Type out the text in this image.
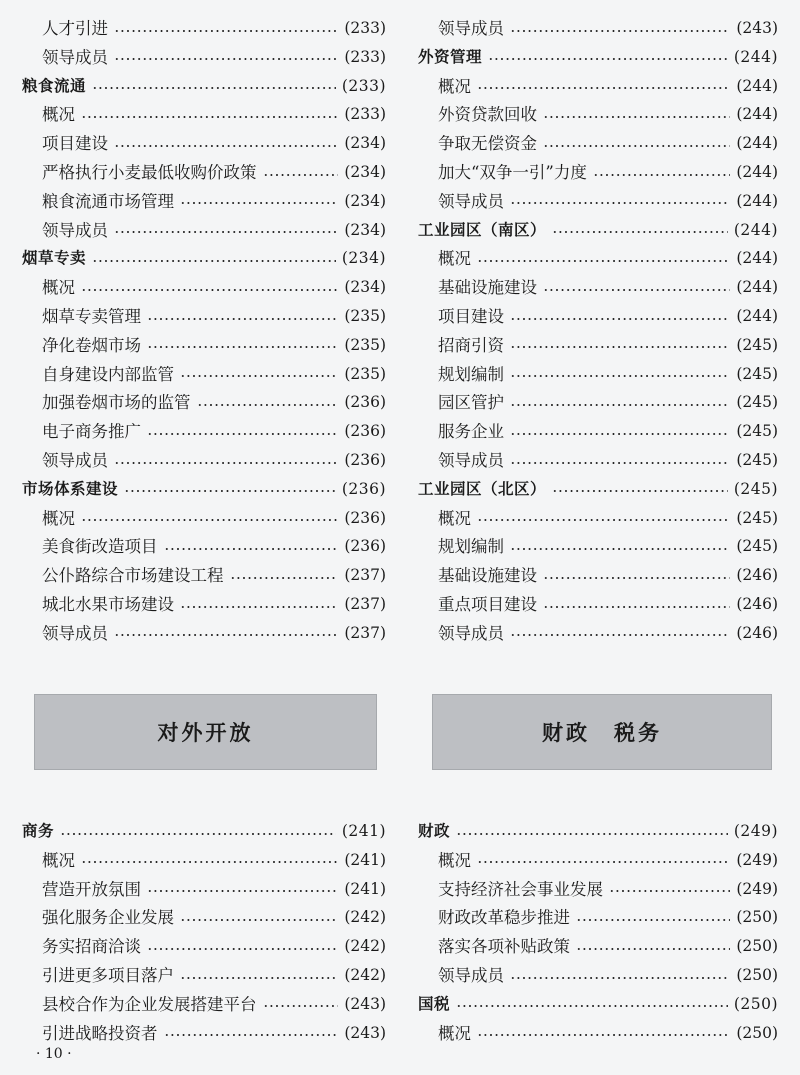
人才引进	(233)
领导成员	(233)
粮食流通	(233)
概况	(233)
项目建设	(234)
严格执行小麦最低收购价政策	(234)
粮食流通市场管理	(234)
领导成员	(234)
烟草专卖	(234)
概况	(234)
烟草专卖管理	(235)
净化卷烟市场	(235)
自身建设内部监管	(235)
加强卷烟市场的监管	(236)
电子商务推广	(236)
领导成员	(236)
市场体系建设	(236)
概况	(236)
美食街改造项目	(236)
公仆路综合市场建设工程	(237)
城北水果市场建设	(237)
领导成员	(237)
商务	(241)
概况	(241)
营造开放氛围	(241)
强化服务企业发展	(242)
务实招商洽谈	(242)
引进更多项目落户	(242)
县校合作为企业发展搭建平台	(243)
引进战略投资者	(243)
领导成员	(243)
外资管理	(244)
概况	(244)
外资贷款回收	(244)
争取无偿资金	(244)
加大“双争一引”力度	(244)
领导成员	(244)
工业园区（南区）	(244)
概况	(244)
基础设施建设	(244)
项目建设	(244)
招商引资	(245)
规划编制	(245)
园区管护	(245)
服务企业	(245)
领导成员	(245)
工业园区（北区）	(245)
概况	(245)
规划编制	(245)
基础设施建设	(246)
重点项目建设	(246)
领导成员	(246)
财政	(249)
概况	(249)
支持经济社会事业发展	(249)
财政改革稳步推进	(250)
落实各项补贴政策	(250)
领导成员	(250)
国税	(250)
概况	(250)
对外开放	财政　税务
· 10 ·
